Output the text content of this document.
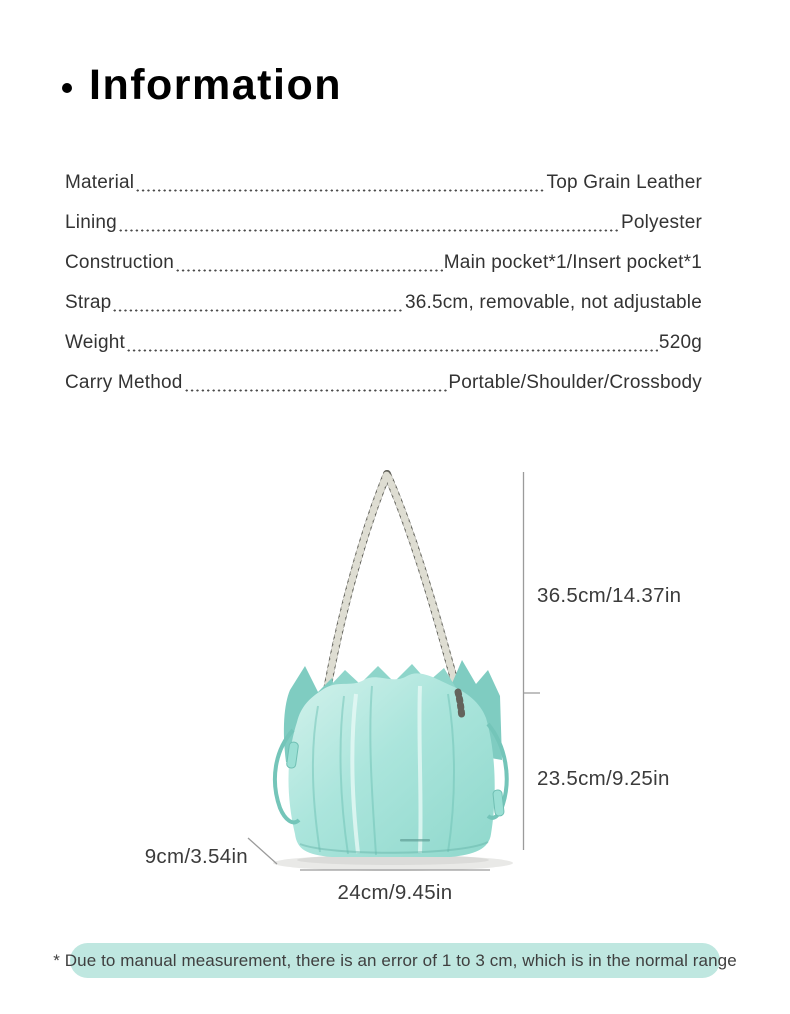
Information
Material	Top Grain Leather
Lining	Polyester
Construction	Main pocket*1/Insert pocket*1
Strap	36.5cm, removable, not adjustable
Weight	520g
Carry Method	Portable/Shoulder/Crossbody
36.5cm/14.37in
23.5cm/9.25in
9cm/3.54in
24cm/9.45in
* Due to manual measurement, there is an error of 1 to 3 cm, which is in the normal range
